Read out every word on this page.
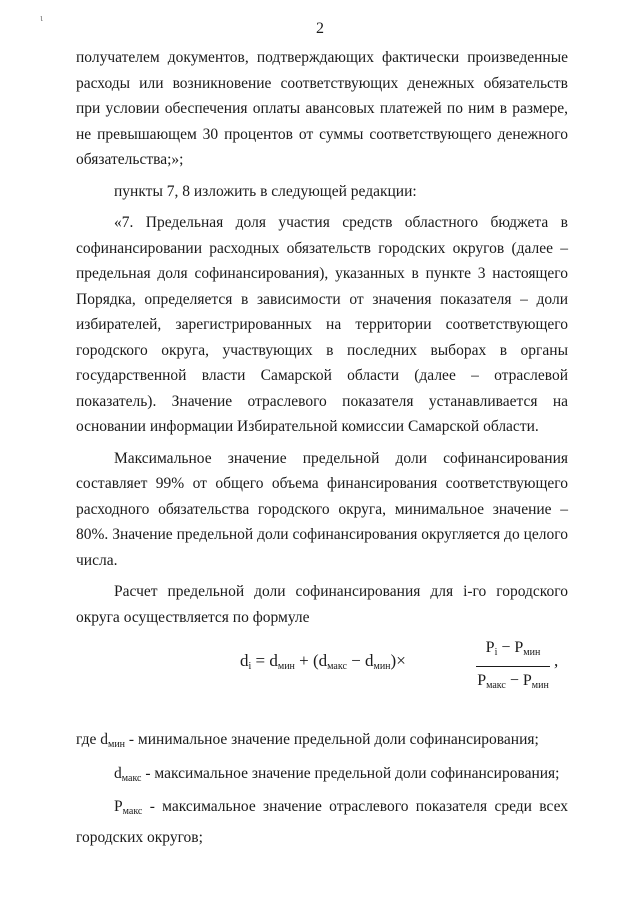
2
ι

получателем документов, подтверждающих фактически произведенные расходы или возникновение соответствующих денежных обязательств при условии обеспечения оплаты авансовых платежей по ним в размере, не превышающем 30 процентов от суммы соответствующего денежного обязательства;»;

пункты 7, 8 изложить в следующей редакции:

«7. Предельная доля участия средств областного бюджета в софинансировании расходных обязательств городских округов (далее – предельная доля софинансирования), указанных в пункте 3 настоящего Порядка, определяется в зависимости от значения показателя – доли избирателей, зарегистрированных на территории соответствующего городского округа, участвующих в последних выборах в органы государственной власти Самарской области (далее – отраслевой показатель). Значение отраслевого показателя устанавливается на основании информации Избирательной комиссии Самарской области.

Максимальное значение предельной доли софинансирования составляет 99% от общего объема финансирования соответствующего расходного обязательства городского округа, минимальное значение – 80%. Значение предельной доли софинансирования округляется до целого числа.

Расчет предельной доли софинансирования для i-го городского округа осуществляется по формуле

$d_i = d_{мин} + (d_{макс} - d_{мин})\times$
$P_i - P_{мин}$
$P_{макс} - P_{мин}$
,

где $d_{мин}$ - минимальное значение предельной доли софинансирования;

$d_{макс}$ - максимальное значение предельной доли софинансирования;

$P_{макс}$ - максимальное значение отраслевого показателя среди всех городских округов;
